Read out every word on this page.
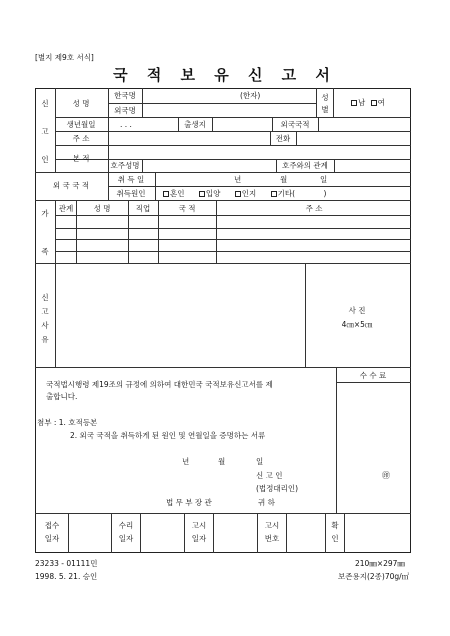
[별지 제9호 서식]
국 적 보 유 신 고 서
신
고
인
성 명
한국명	(한자)
외국명
성
별
남 여
생년월일	. . .	출생지	외국국적
주 소	전화
본 적
호주성명	호주와의 관계
외 국 국 적
취 득 일	년	월	일
취득원인	혼인	입양	인지	기타(	)
가
족
관계	성 명	직업	국 적	주 소
신
고
사
유
사 진
4㎝×5㎝
수 수 료
국적법시행령 제19조의 규정에 의하여 대한민국 국적보유신고서를 제
출합니다.
첨부 : 1. 호적등본
2. 외국 국적을 취득하게 된 원인 및 연월일을 증명하는 서류
년	월	일
신 고 인	㊞
(법정대리인)
법 무 부 장 관	귀 하
접수
일자
수리
일자
고시
일자
고시
번호
확
인
23233 - 01111민	210㎜×297㎜
1998. 5. 21. 승인	보존용지(2종)70g/㎡
